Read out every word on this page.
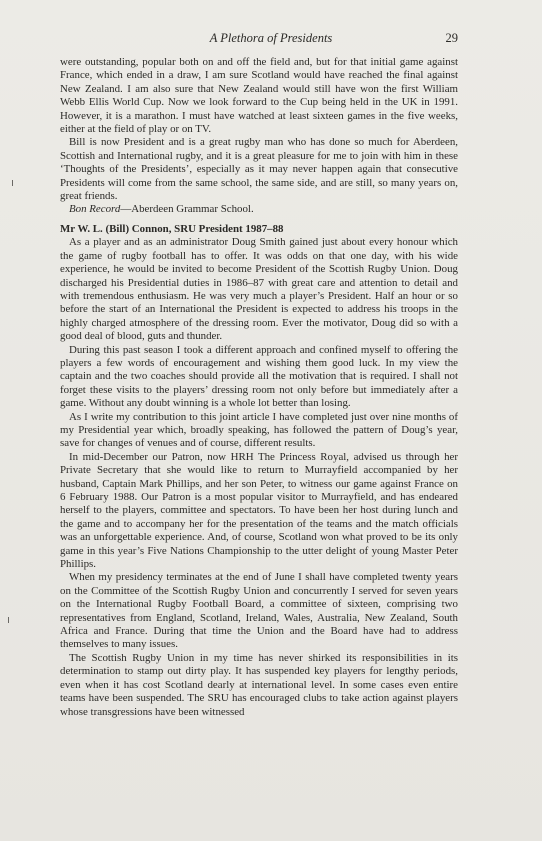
A Plethora of Presidents	29

were outstanding, popular both on and off the field and, but for that initial game against France, which ended in a draw, I am sure Scotland would have reached the final against New Zealand. I am also sure that New Zealand would still have won the first William Webb Ellis World Cup. Now we look forward to the Cup being held in the UK in 1991. However, it is a marathon. I must have watched at least sixteen games in the five weeks, either at the field of play or on TV.

Bill is now President and is a great rugby man who has done so much for Aberdeen, Scottish and International rugby, and it is a great pleasure for me to join with him in these ‘Thoughts of the Presidents’, especially as it may never happen again that consecutive Presidents will come from the same school, the same side, and are still, so many years on, great friends.

Bon Record—Aberdeen Grammar School.

Mr W. L. (Bill) Connon, SRU President 1987–88

As a player and as an administrator Doug Smith gained just about every honour which the game of rugby football has to offer. It was odds on that one day, with his wide experience, he would be invited to become President of the Scottish Rugby Union. Doug discharged his Presidential duties in 1986–87 with great care and attention to detail and with tremendous enthusiasm. He was very much a player’s President. Half an hour or so before the start of an International the President is expected to address his troops in the highly charged atmosphere of the dressing room. Ever the motivator, Doug did so with a good deal of blood, guts and thunder.

During this past season I took a different approach and confined myself to offering the players a few words of encouragement and wishing them good luck. In my view the captain and the two coaches should provide all the motivation that is required. I shall not forget these visits to the players’ dressing room not only before but immediately after a game. Without any doubt winning is a whole lot better than losing.

As I write my contribution to this joint article I have completed just over nine months of my Presidential year which, broadly speaking, has followed the pattern of Doug’s year, save for changes of venues and of course, different results.

In mid-December our Patron, now HRH The Princess Royal, advised us through her Private Secretary that she would like to return to Murrayfield accompanied by her husband, Captain Mark Phillips, and her son Peter, to witness our game against France on 6 February 1988. Our Patron is a most popular visitor to Murrayfield, and has endeared herself to the players, committee and spectators. To have been her host during lunch and the game and to accompany her for the presentation of the teams and the match officials was an unforgettable experience. And, of course, Scotland won what proved to be its only game in this year’s Five Nations Championship to the utter delight of young Master Peter Phillips.

When my presidency terminates at the end of June I shall have completed twenty years on the Committee of the Scottish Rugby Union and concurrently I served for seven years on the International Rugby Football Board, a committee of sixteen, comprising two representatives from England, Scotland, Ireland, Wales, Australia, New Zealand, South Africa and France. During that time the Union and the Board have had to address themselves to many issues.

The Scottish Rugby Union in my time has never shirked its responsibilities in its determination to stamp out dirty play. It has suspended key players for lengthy periods, even when it has cost Scotland dearly at international level. In some cases even entire teams have been suspended. The SRU has encouraged clubs to take action against players whose transgressions have been witnessed
